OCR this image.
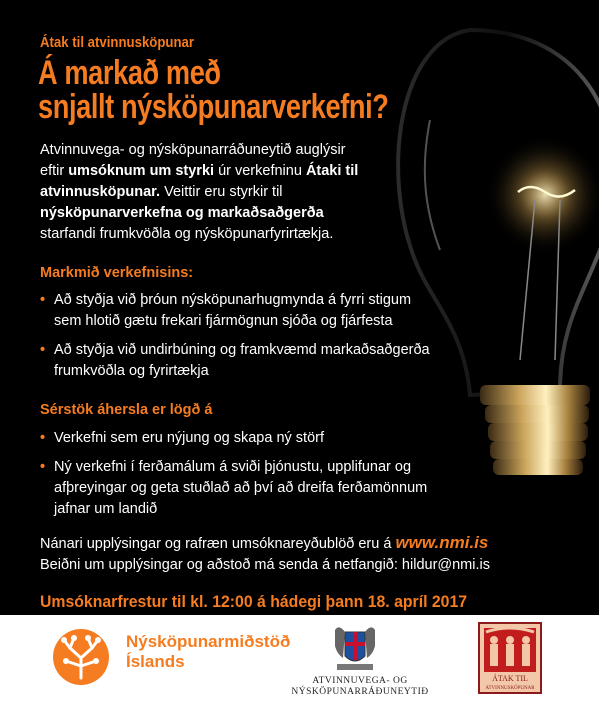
Átak til atvinnusköpunar
Á markað með
snjallt nýsköpunarverkefni?
Atvinnuvega- og nýsköpunarráðuneytið auglýsir
eftir umsóknum um styrki úr verkefninu Átaki til
atvinnusköpunar. Veittir eru styrkir til
nýsköpunarverkefna og markaðsaðgerða
starfandi frumkvöðla og nýsköpunarfyrirtækja.
Markmið verkefnisins:
• Að styðja við þróun nýsköpunarhugmynda á fyrri stigum
sem hlotið gætu frekari fjármögnun sjóða og fjárfesta
• Að styðja við undirbúning og framkvæmd markaðsaðgerða
frumkvöðla og fyrirtækja
Sérstök áhersla er lögð á
• Verkefni sem eru nýjung og skapa ný störf
• Ný verkefni í ferðamálum á sviði þjónustu, upplifunar og
afþreyingar og geta stuðlað að því að dreifa ferðamönnum
jafnar um landið
Nánari upplýsingar og rafræn umsóknareyðublöð eru á www.nmi.is
Beiðni um upplýsingar og aðstoð má senda á netfangið: hildur@nmi.is
Umsóknarfrestur til kl. 12:00 á hádegi þann 18. apríl 2017
Nýsköpunarmiðstöð
Íslands
ATVINNUVEGA- OG
NÝSKÖPUNARRÁÐUNEYTIÐ
ÁTAK TIL
ATVINNUSKÖPUNAR
